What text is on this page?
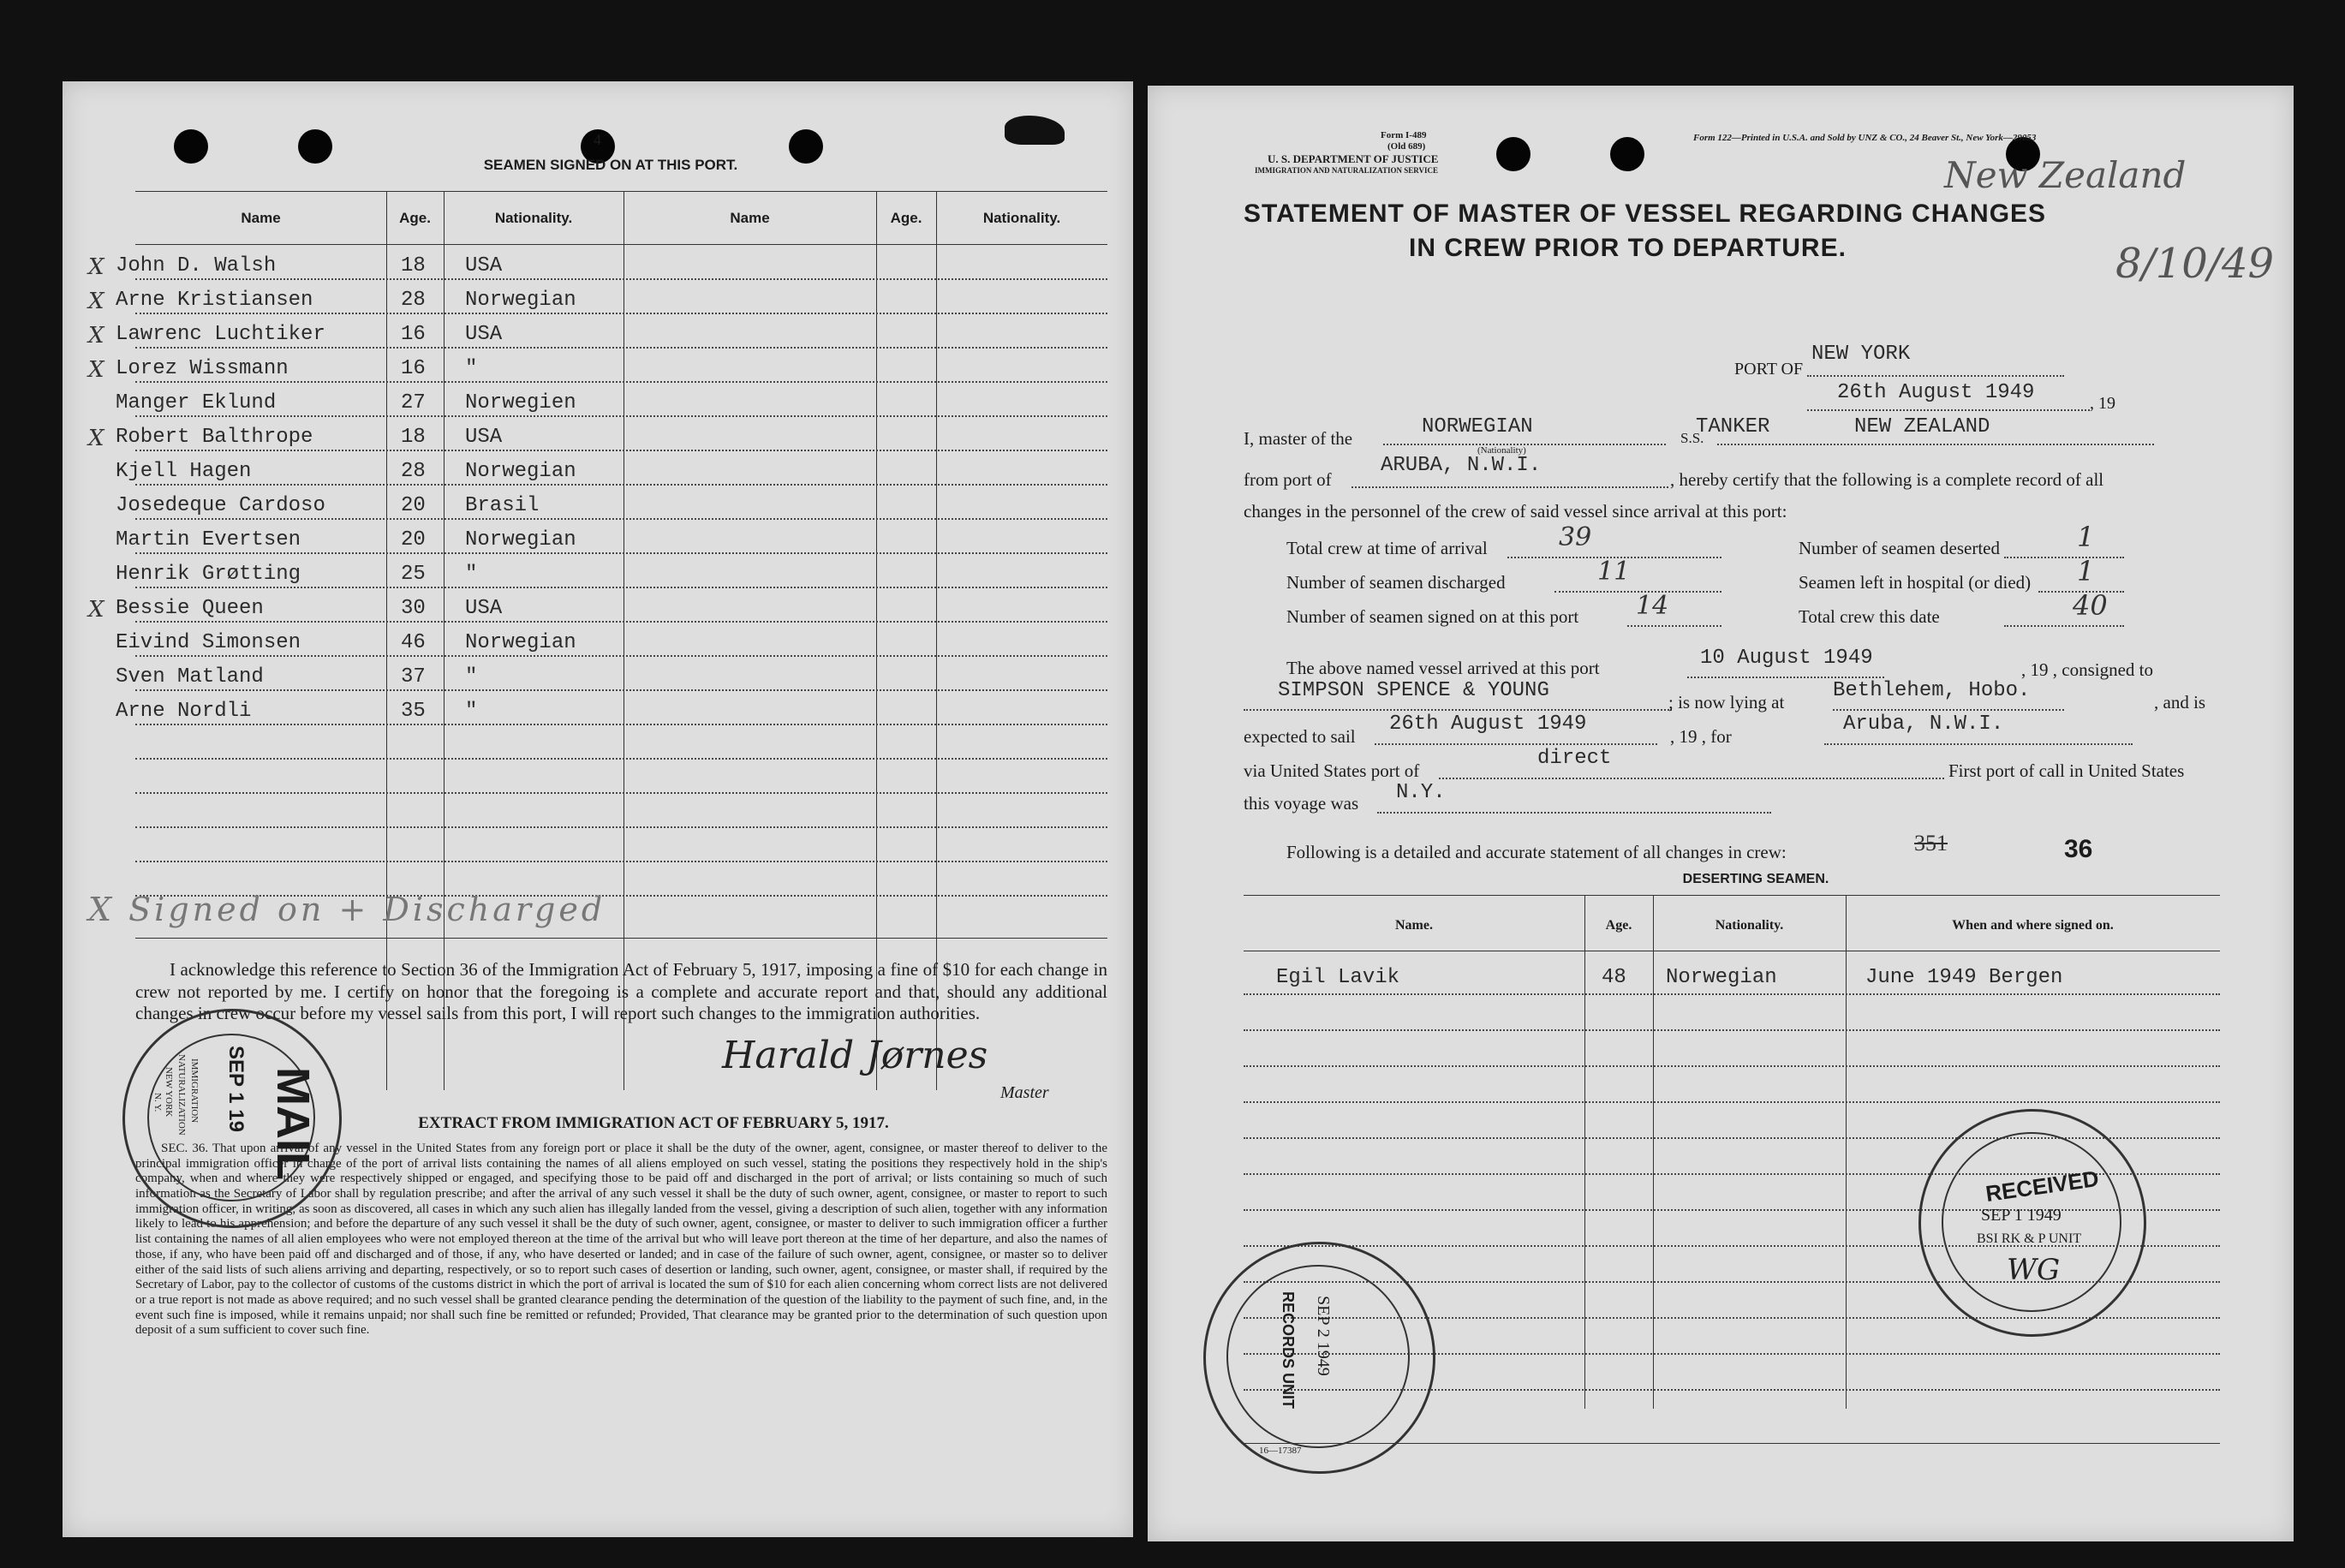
4
SEAMEN SIGNED ON AT THIS PORT.
Name	Age.	Nationality.	Name	Age.	Nationality.
X John D. Walsh	18 USA
X Arne Kristiansen	28 Norwegian
X Lawrenc Luchtiker	16 USA
X Lorez Wissmann	16 "
Manger Eklund	27 Norwegien
X Robert Balthrope	18 USA
Kjell Hagen	28 Norwegian
Josedeque Cardoso	20 Brasil
Martin Evertsen	20 Norwegian
Henrik Grøtting	25 "
X Bessie Queen	30 USA
Eivind Simonsen	46 Norwegian
Sven Matland	37 "
Arne Nordli	35 "
X Signed on + Discharged
I acknowledge this reference to Section 36 of the Immigration Act of February 5, 1917, imposing a fine of $10 for each change in crew not reported by me. I certify on honor that the foregoing is a complete and accurate report and that, should any additional changes in crew occur before my vessel sails from this port, I will report such changes to the immigration authorities.
Harald Jørnes
Master
EXTRACT FROM IMMIGRATION ACT OF FEBRUARY 5, 1917.
SEC. 36. That upon arrival of any vessel in the United States from any foreign port or place it shall be the duty of the owner, agent, consignee, or master thereof to deliver to the principal immigration officer in charge of the port of arrival lists containing the names of all aliens employed on such vessel, stating the positions they respectively hold in the ship's company, when and where they were respectively shipped or engaged, and specifying those to be paid off and discharged in the port of arrival; or lists containing so much of such information as the Secretary of Labor shall by regulation prescribe; and after the arrival of any such vessel it shall be the duty of such owner, agent, consignee, or master to report to such immigration officer, in writing, as soon as discovered, all cases in which any such alien has illegally landed from the vessel, giving a description of such alien, together with any information likely to lead to his apprehension; and before the departure of any such vessel it shall be the duty of such owner, agent, consignee, or master to deliver to such immigration officer a further list containing the names of all alien employees who were not employed thereon at the time of the arrival but who will leave port thereon at the time of her departure, and also the names of those, if any, who have been paid off and discharged and of those, if any, who have deserted or landed; and in case of the failure of such owner, agent, consignee, or master so to deliver either of the said lists of such aliens arriving and departing, respectively, or so to report such cases of desertion or landing, such owner, agent, consignee, or master shall, if required by the Secretary of Labor, pay to the collector of customs of the customs district in which the port of arrival is located the sum of $10 for each alien concerning whom correct lists are not delivered or a true report is not made as above required; and no such vessel shall be granted clearance pending the determination of the question of the liability to the payment of such fine, and, in the event such fine is imposed, while it remains unpaid; nor shall such fine be remitted or refunded; Provided, That clearance may be granted prior to the determination of such question upon deposit of a sum sufficient to cover such fine.
MAIL
SEP 1 19
IMMIGRATION
NATURALIZATION
NEW YORK
N. Y.
Form I-489
(Old 689)
U. S. DEPARTMENT OF JUSTICE
IMMIGRATION AND NATURALIZATION SERVICE
Form 122—Printed in U.S.A. and Sold by UNZ & CO., 24 Beaver St., New York—29053
New Zealand
8/10/49
STATEMENT OF MASTER OF VESSEL REGARDING CHANGES
IN CREW PRIOR TO DEPARTURE.
PORT OF
NEW YORK
26th August 1949	, 19
I, master of the	NORWEGIAN
(Nationality)
S.S.
TANKER	NEW ZEALAND
from port of
ARUBA, N.W.I.
, hereby certify that the following is a complete record of all
changes in the personnel of the crew of said vessel since arrival at this port:
Total crew at time of arrival	39	Number of seamen deserted	1
Number of seamen discharged	11	Seamen left in hospital (or died) 1
Number of seamen signed on at this port 14	Total crew this date	40
The above named vessel arrived at this port	10 August 1949	, 19 , consigned to
SIMPSON SPENCE & YOUNG	; is now lying at Bethlehem, Hobo.	, and is
expected to sail
26th August 1949
, 19 , for
Aruba, N.W.I.
via United States port of
direct
First port of call in United States
this voyage was N.Y.
Following is a detailed and accurate statement of all changes in crew:	351	36
DESERTING SEAMEN.
Name.	Age.	Nationality.	When and where signed on.
Egil Lavik	48 Norwegian	June 1949 Bergen
RECEIVED
SEP 1 1949
BSI RK & P UNIT
WG
RECORDS UNIT SEP 2 1949
16—17387
